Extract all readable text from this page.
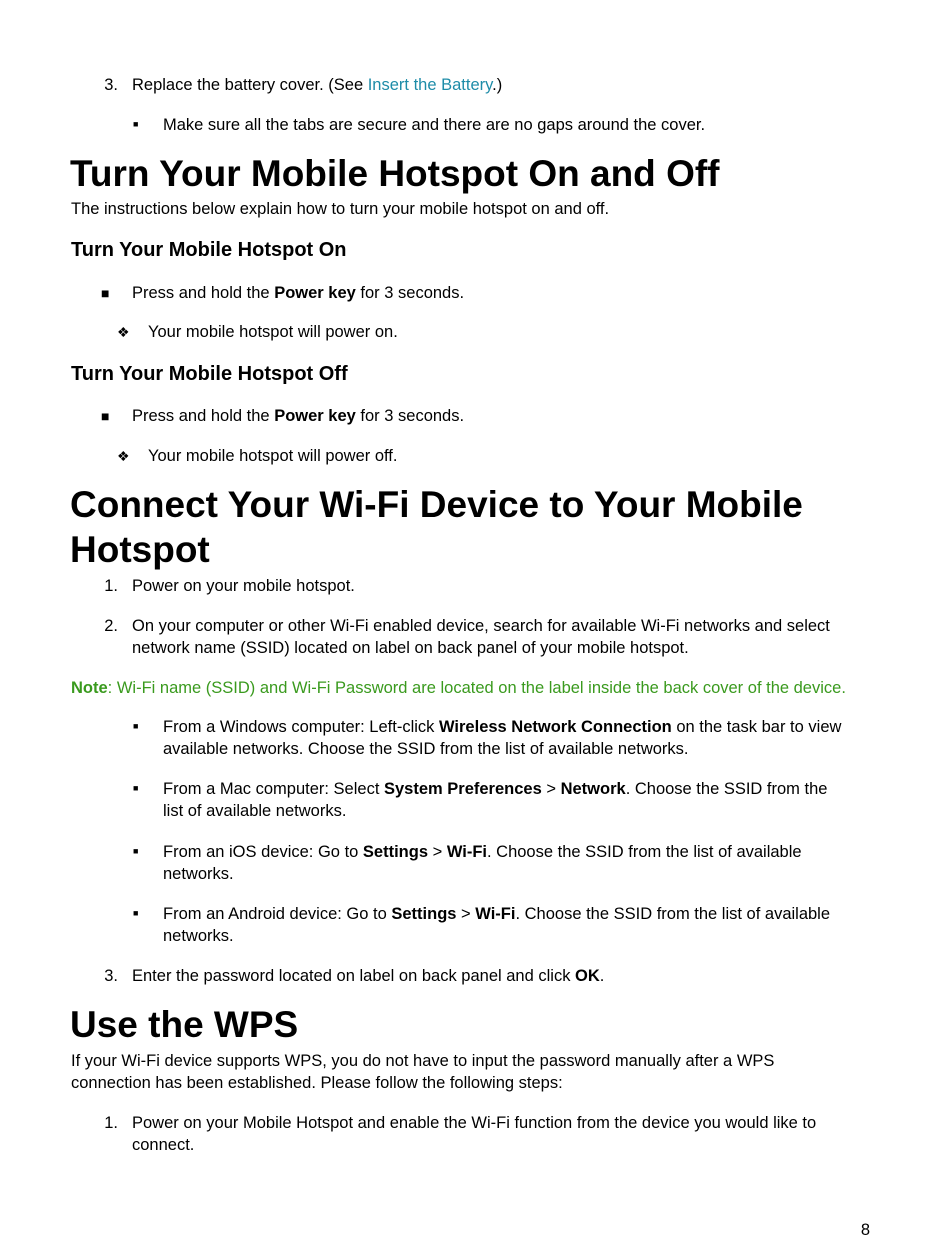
3. Replace the battery cover. (See Insert the Battery.)
■ Make sure all the tabs are secure and there are no gaps around the cover.
Turn Your Mobile Hotspot On and Off
The instructions below explain how to turn your mobile hotspot on and off.
Turn Your Mobile Hotspot On
■ Press and hold the Power key for 3 seconds.
❖ Your mobile hotspot will power on.
Turn Your Mobile Hotspot Off
■ Press and hold the Power key for 3 seconds.
❖ Your mobile hotspot will power off.
Connect Your Wi-Fi Device to Your Mobile
Hotspot
1. Power on your mobile hotspot.
2. On your computer or other Wi-Fi enabled device, search for available Wi-Fi networks and select
network name (SSID) located on label on back panel of your mobile hotspot.
Note: Wi-Fi name (SSID) and Wi-Fi Password are located on the label inside the back cover of the device.
■ From a Windows computer: Left-click Wireless Network Connection on the task bar to view
available networks. Choose the SSID from the list of available networks.
■ From a Mac computer: Select System Preferences > Network. Choose the SSID from the
list of available networks.
■ From an iOS device: Go to Settings > Wi-Fi. Choose the SSID from the list of available
networks.
■ From an Android device: Go to Settings > Wi-Fi. Choose the SSID from the list of available
networks.
3. Enter the password located on label on back panel and click OK.
Use the WPS
If your Wi-Fi device supports WPS, you do not have to input the password manually after a WPS
connection has been established. Please follow the following steps:
1. Power on your Mobile Hotspot and enable the Wi-Fi function from the device you would like to
connect.
8
